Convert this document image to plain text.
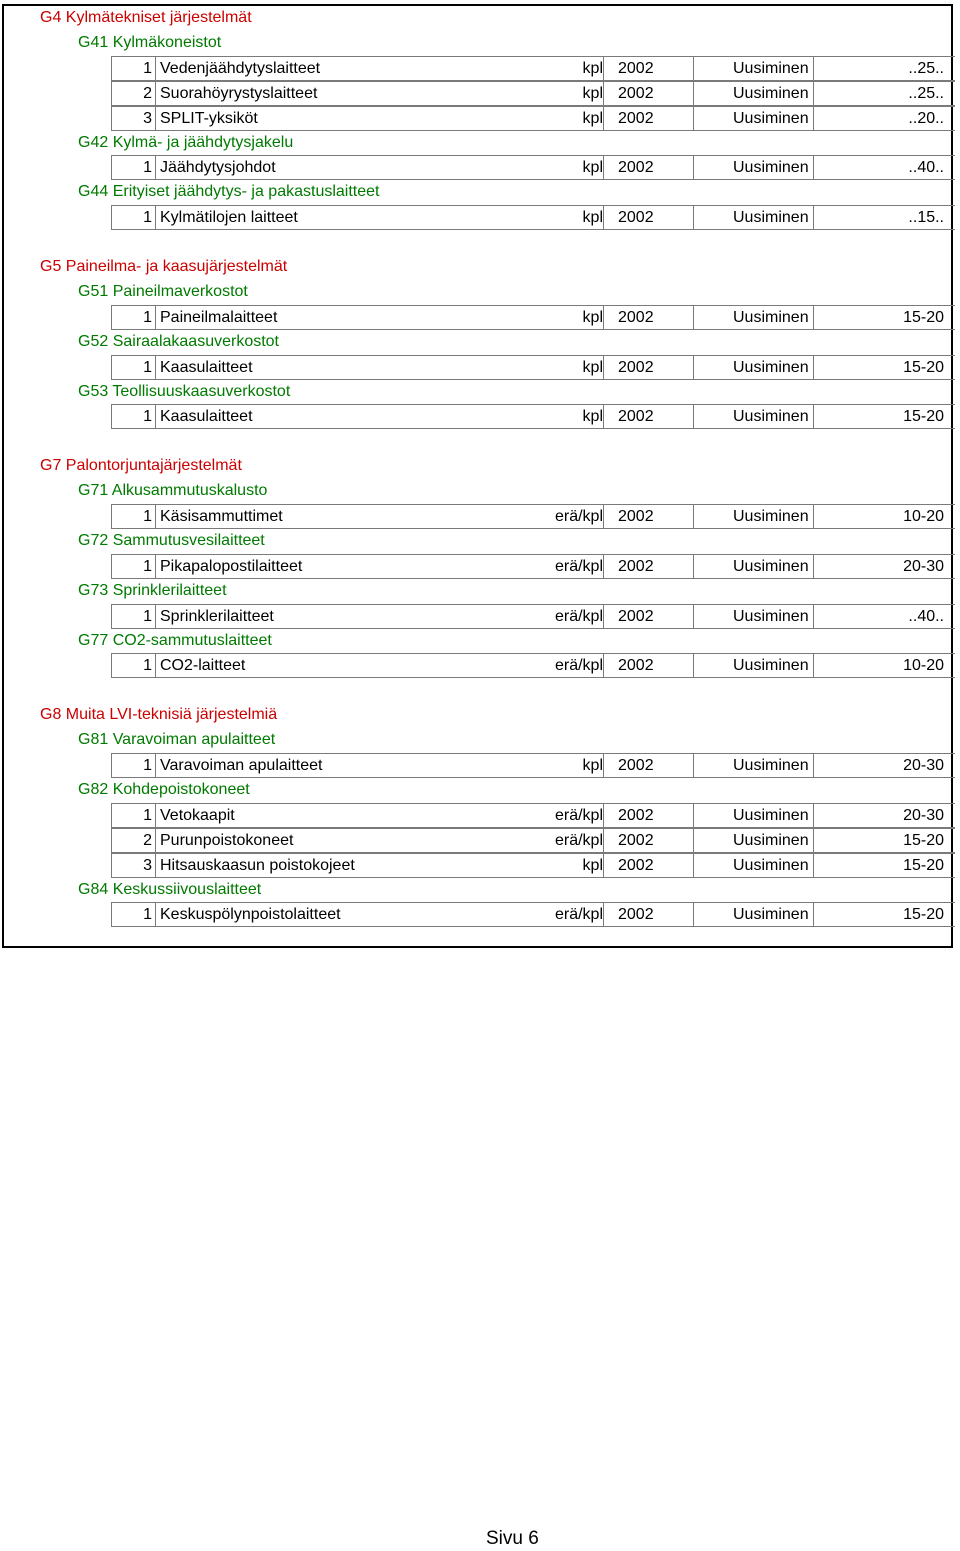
G4 Kylmätekniset järjestelmät
G41 Kylmäkoneistot
1 Vedenjäähdytyslaitteet	kpl 2002	Uusiminen	..25..
2 Suorahöyrystyslaitteet	kpl 2002	Uusiminen	..25..
3 SPLIT-yksiköt	kpl 2002	Uusiminen	..20..
G42 Kylmä- ja jäähdytysjakelu
1 Jäähdytysjohdot	kpl 2002	Uusiminen	..40..
G44 Erityiset jäähdytys- ja pakastuslaitteet
1 Kylmätilojen laitteet	kpl 2002	Uusiminen	..15..
G5 Paineilma- ja kaasujärjestelmät
G51 Paineilmaverkostot
1 Paineilmalaitteet	kpl 2002	Uusiminen	15-20
G52 Sairaalakaasuverkostot
1 Kaasulaitteet	kpl 2002	Uusiminen	15-20
G53 Teollisuuskaasuverkostot
1 Kaasulaitteet	kpl 2002	Uusiminen	15-20
G7 Palontorjuntajärjestelmät
G71 Alkusammutuskalusto
1 Käsisammuttimet	erä/kpl 2002	Uusiminen	10-20
G72 Sammutusvesilaitteet
1 Pikapalopostilaitteet	erä/kpl 2002	Uusiminen	20-30
G73 Sprinklerilaitteet
1 Sprinklerilaitteet	erä/kpl 2002	Uusiminen	..40..
G77 CO2-sammutuslaitteet
1 CO2-laitteet	erä/kpl 2002	Uusiminen	10-20
G8 Muita LVI-teknisiä järjestelmiä
G81 Varavoiman apulaitteet
1 Varavoiman apulaitteet	kpl 2002	Uusiminen	20-30
G82 Kohdepoistokoneet
1 Vetokaapit	erä/kpl 2002	Uusiminen	20-30
2 Purunpoistokoneet	erä/kpl 2002	Uusiminen	15-20
3 Hitsauskaasun poistokojeet	kpl 2002	Uusiminen	15-20
G84 Keskussiivouslaitteet
1 Keskuspölynpoistolaitteet	erä/kpl 2002	Uusiminen	15-20
Sivu 6
